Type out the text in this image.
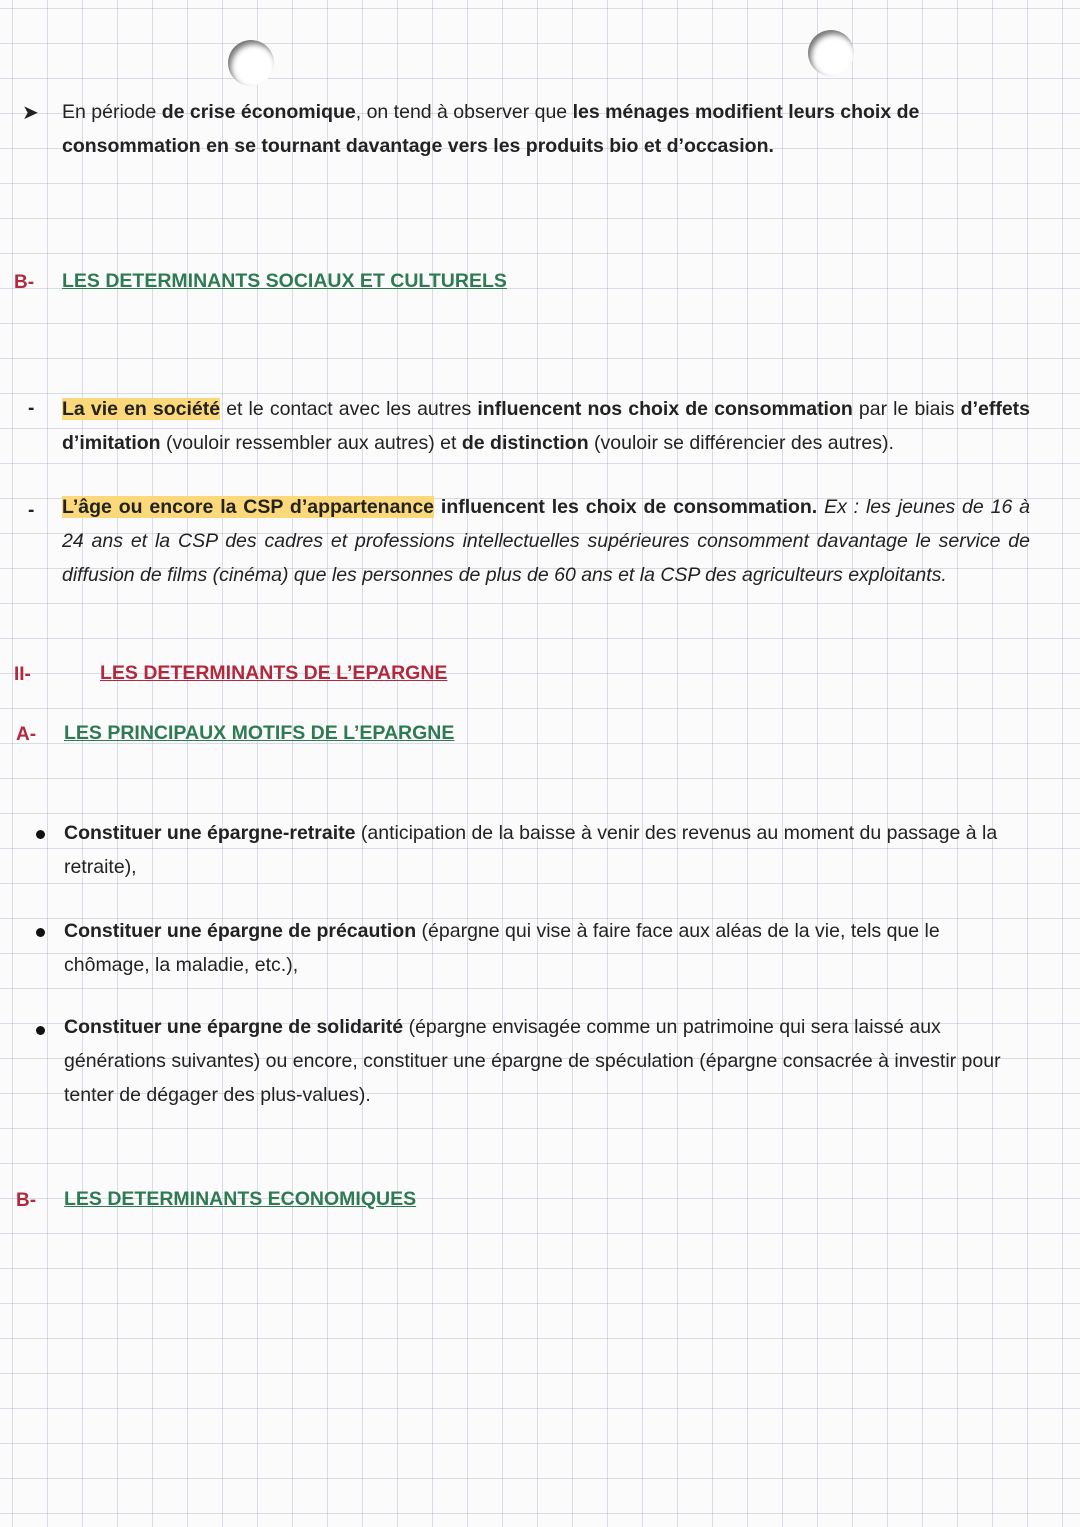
➤ En période de crise économique, on tend à observer que les ménages modifient leurs choix de consommation en se tournant davantage vers les produits bio et d’occasion.
B- LES DETERMINANTS SOCIAUX ET CULTURELS
- La vie en société et le contact avec les autres influencent nos choix de consommation par le biais d’effets d’imitation (vouloir ressembler aux autres) et de distinction (vouloir se différencier des autres).
- L’âge ou encore la CSP d’appartenance influencent les choix de consommation. Ex : les jeunes de 16 à 24 ans et la CSP des cadres et professions intellectuelles supérieures consomment davantage le service de diffusion de films (cinéma) que les personnes de plus de 60 ans et la CSP des agriculteurs exploitants.
II-	LES DETERMINANTS DE L’EPARGNE
A- LES PRINCIPAUX MOTIFS DE L’EPARGNE
Constituer une épargne-retraite (anticipation de la baisse à venir des revenus au moment du passage à la retraite),
Constituer une épargne de précaution (épargne qui vise à faire face aux aléas de la vie, tels que le chômage, la maladie, etc.),
Constituer une épargne de solidarité (épargne envisagée comme un patrimoine qui sera laissé aux générations suivantes) ou encore, constituer une épargne de spéculation (épargne consacrée à investir pour tenter de dégager des plus-values).
B- LES DETERMINANTS ECONOMIQUES
